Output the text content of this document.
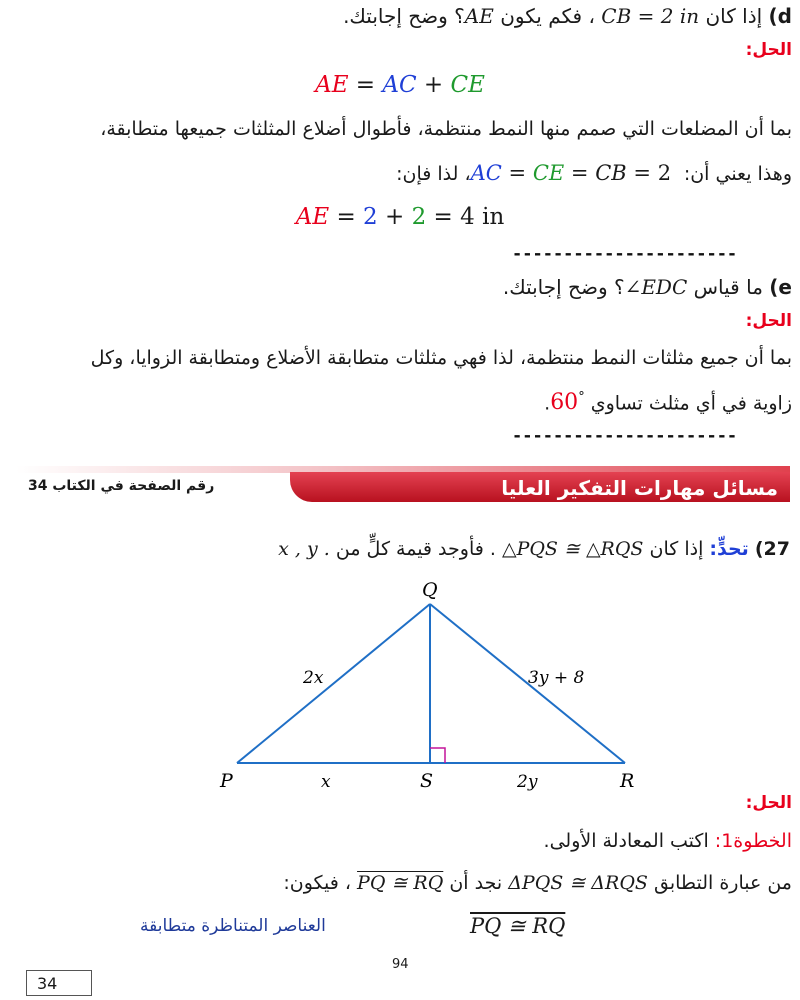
d) إذا كان CB = 2 in ، فكم يكون AE؟ وضح إجابتك.
الحل:
AE = AC + CE
بما أن المضلعات التي صمم منها النمط منتظمة، فأطوال أضلاع المثلثات جميعها متطابقة،
وهذا يعني أن: AC = CE = CB = 2 ، لذا فإن:
AE = 2 + 2 = 4 in
----------------------
e) ما قياس ∠EDC؟ وضح إجابتك.
الحل:
بما أن جميع مثلثات النمط منتظمة، لذا فهي مثلثات متطابقة الأضلاع ومتطابقة الزوايا، وكل
زاوية في أي مثلث تساوي 60°.
----------------------
مسائل مهارات التفكير العليا
رقم الصفحة في الكتاب 34
27) تحدٍّ: إذا كان △PQS ≅ △RQS . فأوجد قيمة كلٍّ من x , y .
Q
P	S	R
2x	3y + 8
x	2y
الحل:
الخطوة1: اكتب المعادلة الأولى.
من عبارة التطابق ΔPQS ≅ ΔRQS نجد أن PQ ≅ RQ ، فيكون:
PQ ≅ RQ
العناصر المتناظرة متطابقة
94
34
